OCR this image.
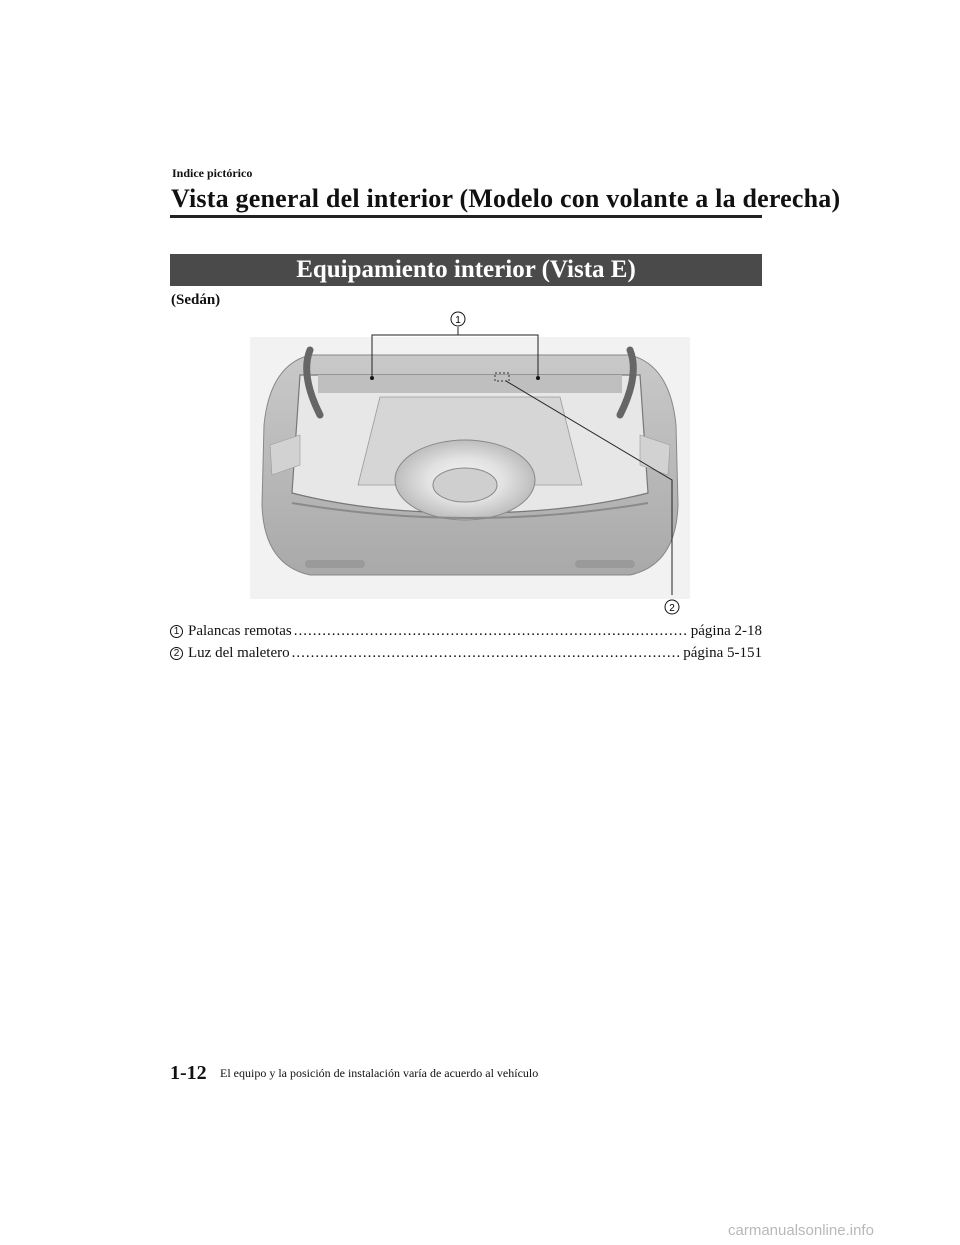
Indice pictórico
Vista general del interior (Modelo con volante a la derecha)
Equipamiento interior (Vista E)
(Sedán)
1
2
1 Palancas remotas .....	página 2-18
2 Luz del maletero .....	página 5-151
1-12 El equipo y la posición de instalación varía de acuerdo al vehículo
carmanualsonline.info
